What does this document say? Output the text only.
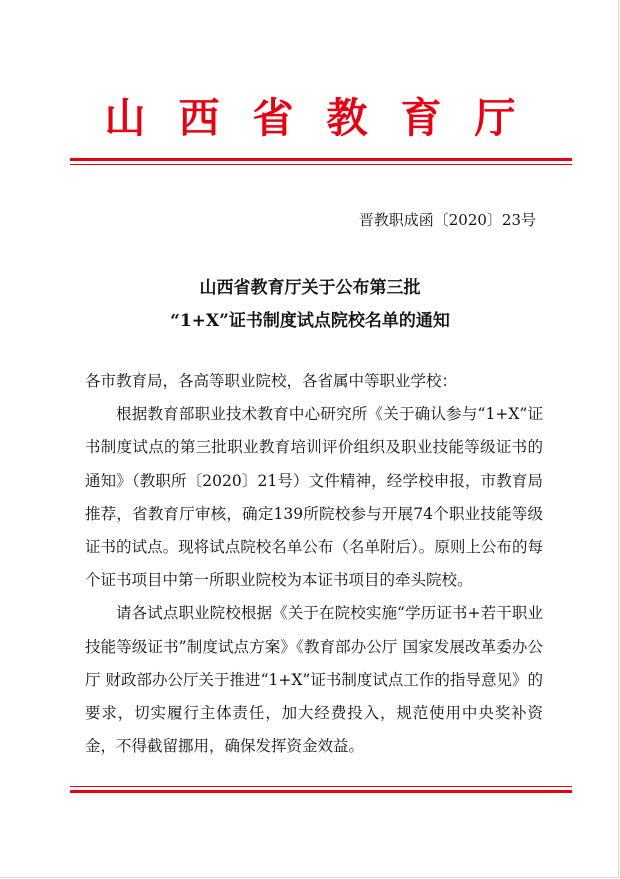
山西省教育厅
晋教职成函〔2020〕23号
山西省教育厅关于公布第三批
“1+X”证书制度试点院校名单的通知

各市教育局，各高等职业院校，各省属中等职业学校：

根据教育部职业技术教育中心研究所《关于确认参与“1+X”证书制度试点的第三批职业教育培训评价组织及职业技能等级证书的通知》（教职所〔2020〕21号）文件精神，经学校申报，市教育局推荐，省教育厅审核，确定139所院校参与开展74个职业技能等级证书的试点。现将试点院校名单公布（名单附后）。原则上公布的每个证书项目中第一所职业院校为本证书项目的牵头院校。

请各试点职业院校根据《关于在院校实施“学历证书+若干职业技能等级证书”制度试点方案》《教育部办公厅 国家发展改革委办公厅 财政部办公厅关于推进“1+X”证书制度试点工作的指导意见》的要求，切实履行主体责任，加大经费投入，规范使用中央奖补资金，不得截留挪用，确保发挥资金效益。
